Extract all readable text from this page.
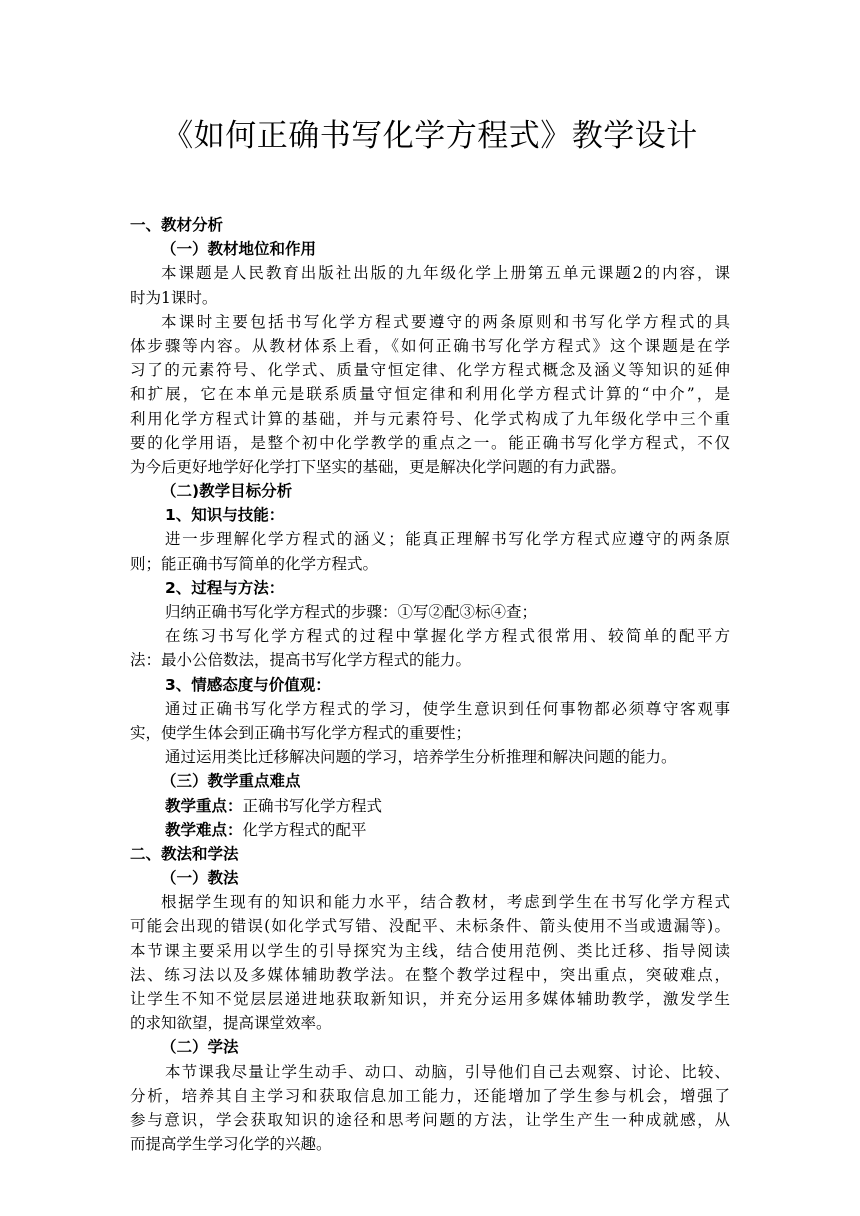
《如何正确书写化学方程式》教学设计
一、教材分析
（一）教材地位和作用
本课题是人民教育出版社出版的九年级化学上册第五单元课题2的内容，课
时为1课时。
本课时主要包括书写化学方程式要遵守的两条原则和书写化学方程式的具
体步骤等内容。从教材体系上看，《如何正确书写化学方程式》这个课题是在学
习了的元素符号、化学式、质量守恒定律、化学方程式概念及涵义等知识的延伸
和扩展，它在本单元是联系质量守恒定律和利用化学方程式计算的“中介”，是
利用化学方程式计算的基础，并与元素符号、化学式构成了九年级化学中三个重
要的化学用语，是整个初中化学教学的重点之一。能正确书写化学方程式，不仅
为今后更好地学好化学打下坚实的基础，更是解决化学问题的有力武器。
（二)教学目标分析
1、知识与技能：
进一步理解化学方程式的涵义；能真正理解书写化学方程式应遵守的两条原
则；能正确书写简单的化学方程式。
2、过程与方法：
归纳正确书写化学方程式的步骤：①写②配③标④查；
在练习书写化学方程式的过程中掌握化学方程式很常用、较简单的配平方
法：最小公倍数法，提高书写化学方程式的能力。
3、情感态度与价值观：
通过正确书写化学方程式的学习，使学生意识到任何事物都必须尊守客观事
实，使学生体会到正确书写化学方程式的重要性；
通过运用类比迁移解决问题的学习，培养学生分析推理和解决问题的能力。
（三）教学重点难点
教学重点：正确书写化学方程式
教学难点：化学方程式的配平
二、教法和学法
（一）教法
根据学生现有的知识和能力水平，结合教材，考虑到学生在书写化学方程式
可能会出现的错误(如化学式写错、没配平、未标条件、箭头使用不当或遗漏等)。
本节课主要采用以学生的引导探究为主线，结合使用范例、类比迁移、指导阅读
法、练习法以及多媒体辅助教学法。在整个教学过程中，突出重点，突破难点，
让学生不知不觉层层递进地获取新知识，并充分运用多媒体辅助教学，激发学生
的求知欲望，提高课堂效率。
（二）学法
本节课我尽量让学生动手、动口、动脑，引导他们自己去观察、讨论、比较、
分析，培养其自主学习和获取信息加工能力，还能增加了学生参与机会，增强了
参与意识，学会获取知识的途径和思考问题的方法，让学生产生一种成就感，从
而提高学生学习化学的兴趣。
